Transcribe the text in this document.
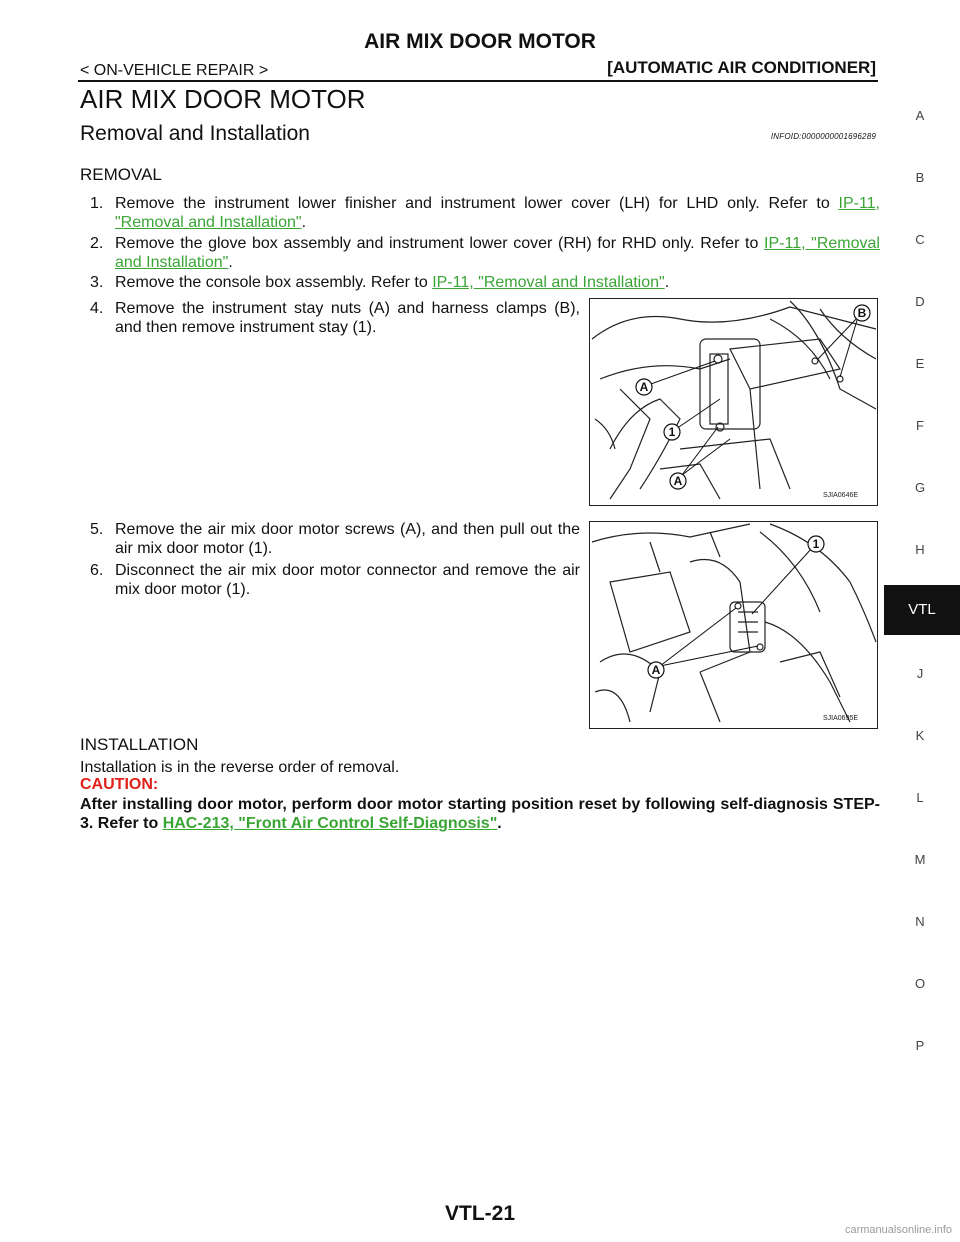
AIR MIX DOOR MOTOR
< ON-VEHICLE REPAIR >	[AUTOMATIC AIR CONDITIONER]
AIR MIX DOOR MOTOR
Removal and Installation	INFOID:0000000001696289
REMOVAL
1. Remove the instrument lower finisher and instrument lower cover (LH) for LHD only. Refer to IP-11, "Removal and Installation".
2. Remove the glove box assembly and instrument lower cover (RH) for RHD only. Refer to IP-11, "Removal and Installation".
3. Remove the console box assembly. Refer to IP-11, "Removal and Installation".
4. Remove the instrument stay nuts (A) and harness clamps (B), and then remove instrument stay (1).
B
A
1
A
SJIA0646E
5. Remove the air mix door motor screws (A), and then pull out the air mix door motor (1).
6. Disconnect the air mix door motor connector and remove the air mix door motor (1).
1
A
SJIA0695E
INSTALLATION
Installation is in the reverse order of removal.
CAUTION:
After installing door motor, perform door motor starting position reset by following self-diagnosis STEP-3. Refer to HAC-213, "Front Air Control Self-Diagnosis".
A
B
C
D
E
F
G
H
J
K
L
M
N
O
P
VTL
VTL-21
carmanualsonline.info
